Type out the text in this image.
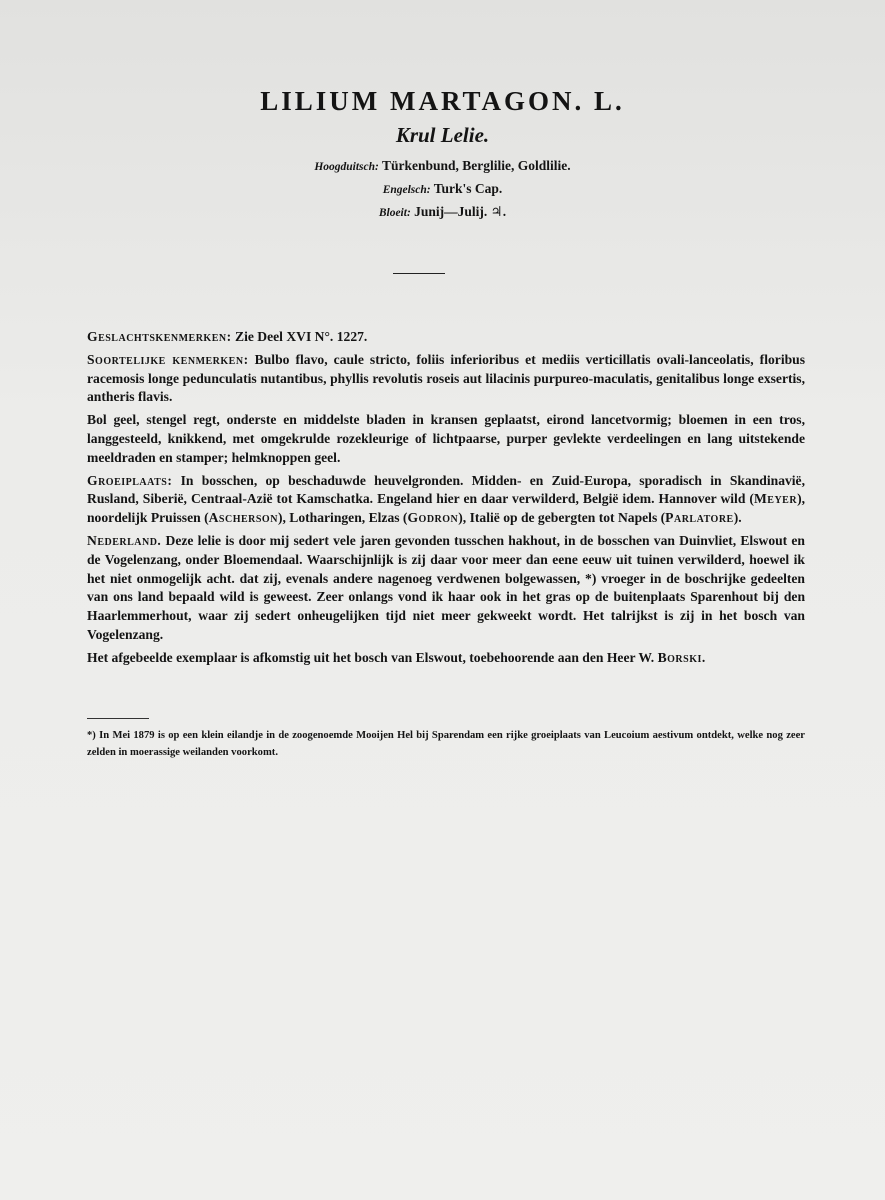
LILIUM MARTAGON. L.
Krul Lelie.
Hoogduitsch: Türkenbund, Berglilie, Goldlilie.
Engelsch: Turk's Cap.
Bloeit: Junij—Julij. ♃.

Geslachtskenmerken: Zie Deel XVI N°. 1227.

Soortelijke kenmerken: Bulbo flavo, caule stricto, foliis inferioribus et mediis verticillatis ovali-lanceolatis, floribus racemosis longe pedunculatis nutantibus, phyllis revolutis roseis aut lilacinis purpureo-maculatis, genitalibus longe exsertis, antheris flavis.

Bol geel, stengel regt, onderste en middelste bladen in kransen geplaatst, eirond lancetvormig; bloemen in een tros, langgesteeld, knikkend, met omgekrulde rozekleurige of lichtpaarse, purper gevlekte verdeelingen en lang uitstekende meeldraden en stamper; helmknoppen geel.

Groeiplaats: In bosschen, op beschaduwde heuvelgronden. Midden- en Zuid-Europa, sporadisch in Skandinavië, Rusland, Siberië, Centraal-Azië tot Kamschatka. Engeland hier en daar verwilderd, België idem. Hannover wild (Meyer), noordelijk Pruissen (Ascherson), Lotharingen, Elzas (Godron), Italië op de gebergten tot Napels (Parlatore).

Nederland. Deze lelie is door mij sedert vele jaren gevonden tusschen hakhout, in de bosschen van Duinvliet, Elswout en de Vogelenzang, onder Bloemendaal. Waarschijnlijk is zij daar voor meer dan eene eeuw uit tuinen verwilderd, hoewel ik het niet onmogelijk acht. dat zij, evenals andere nagenoeg verdwenen bolgewassen, *) vroeger in de boschrijke gedeelten van ons land bepaald wild is geweest. Zeer onlangs vond ik haar ook in het gras op de buitenplaats Sparenhout bij den Haarlemmerhout, waar zij sedert onheugelijken tijd niet meer gekweekt wordt. Het talrijkst is zij in het bosch van Vogelenzang.

Het afgebeelde exemplaar is afkomstig uit het bosch van Elswout, toebehoorende aan den Heer W. Borski.

*) In Mei 1879 is op een klein eilandje in de zoogenoemde Mooijen Hel bij Sparendam een rijke groeiplaats van Leucoium aestivum ontdekt, welke nog zeer zelden in moerassige weilanden voorkomt.
